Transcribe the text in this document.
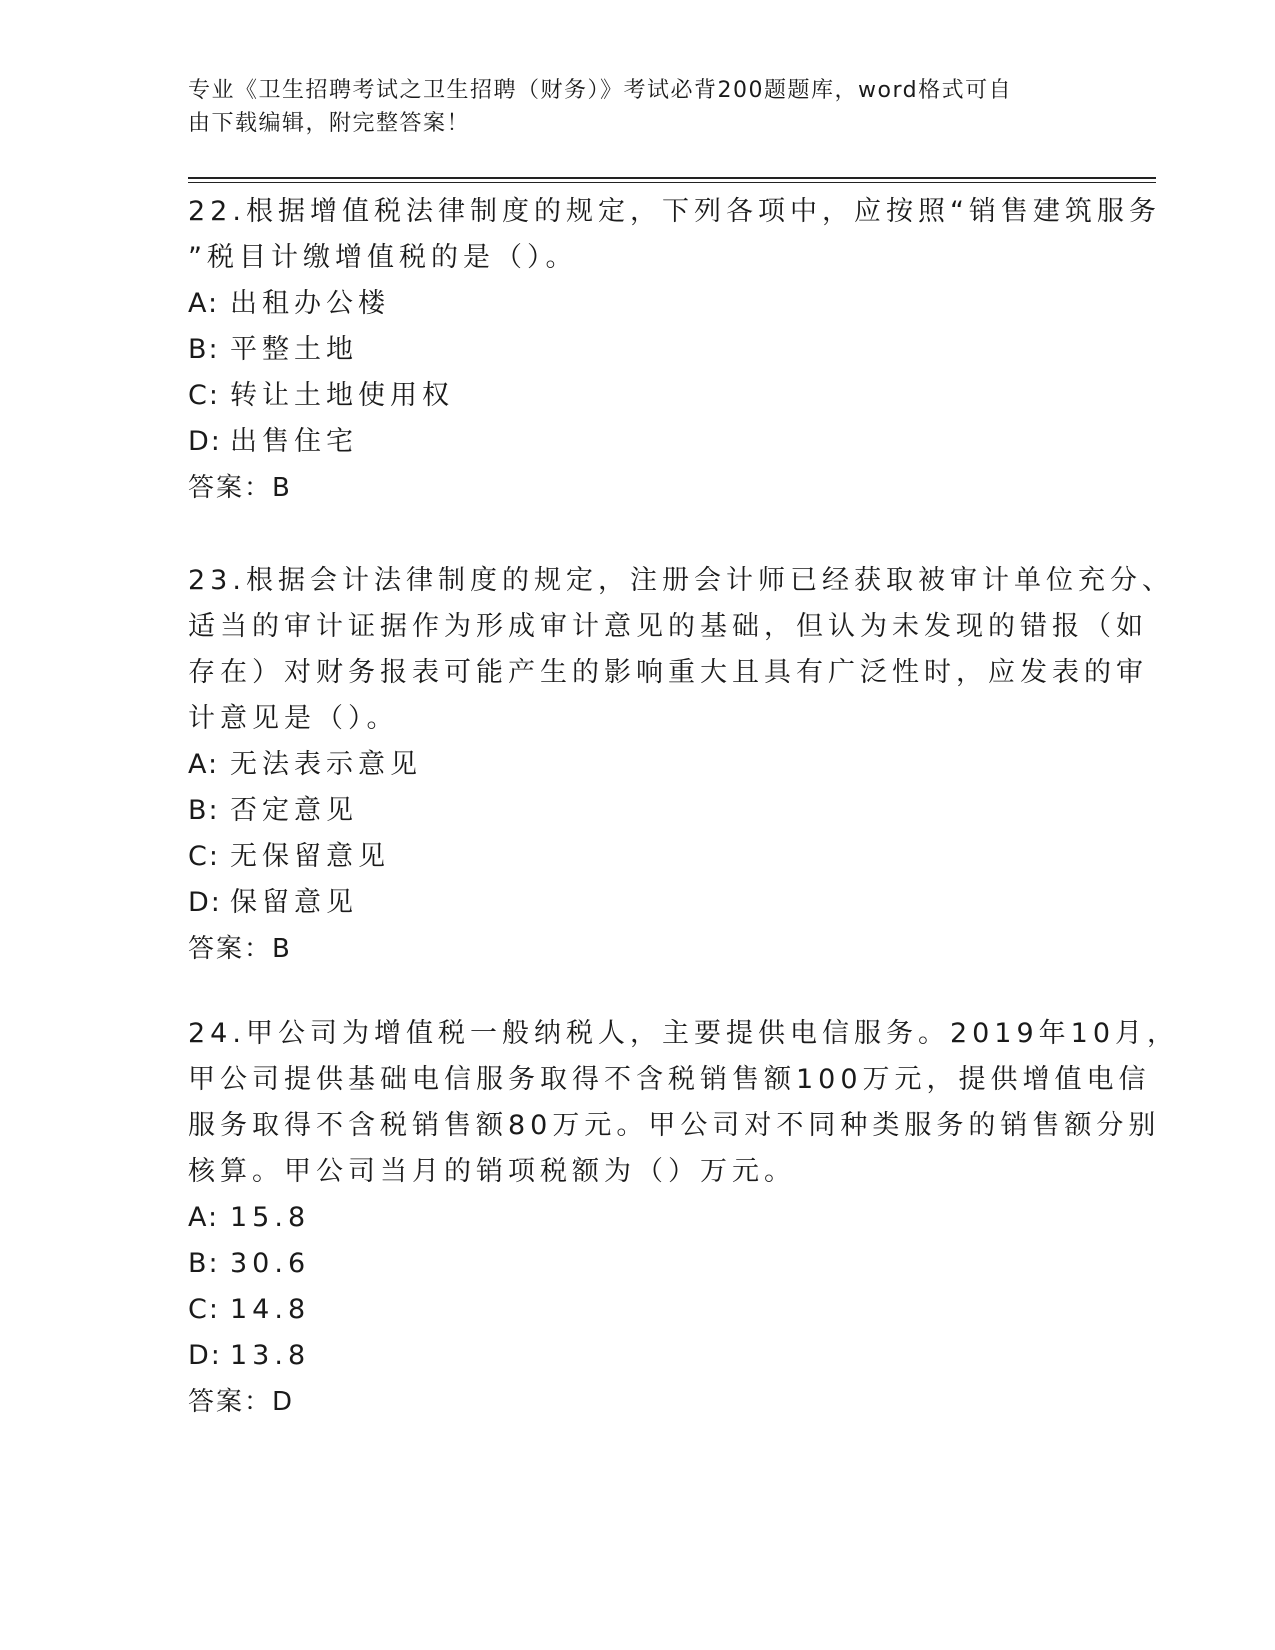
专业《卫生招聘考试之卫生招聘（财务）》考试必背200题题库，word格式可自
由下载编辑，附完整答案！
22.根据增值税法律制度的规定，下列各项中，应按照“销售建筑服务
”税目计缴增值税的是（）。
A: 出租办公楼
B: 平整土地
C: 转让土地使用权
D: 出售住宅
答案：B
23.根据会计法律制度的规定，注册会计师已经获取被审计单位充分、
适当的审计证据作为形成审计意见的基础，但认为未发现的错报（如
存在）对财务报表可能产生的影响重大且具有广泛性时，应发表的审
计意见是（）。
A: 无法表示意见
B: 否定意见
C: 无保留意见
D: 保留意见
答案：B
24.甲公司为增值税一般纳税人，主要提供电信服务。2019年10月，
甲公司提供基础电信服务取得不含税销售额100万元，提供增值电信
服务取得不含税销售额80万元。甲公司对不同种类服务的销售额分别
核算。甲公司当月的销项税额为（）万元。
A: 15.8
B: 30.6
C: 14.8
D: 13.8
答案：D
